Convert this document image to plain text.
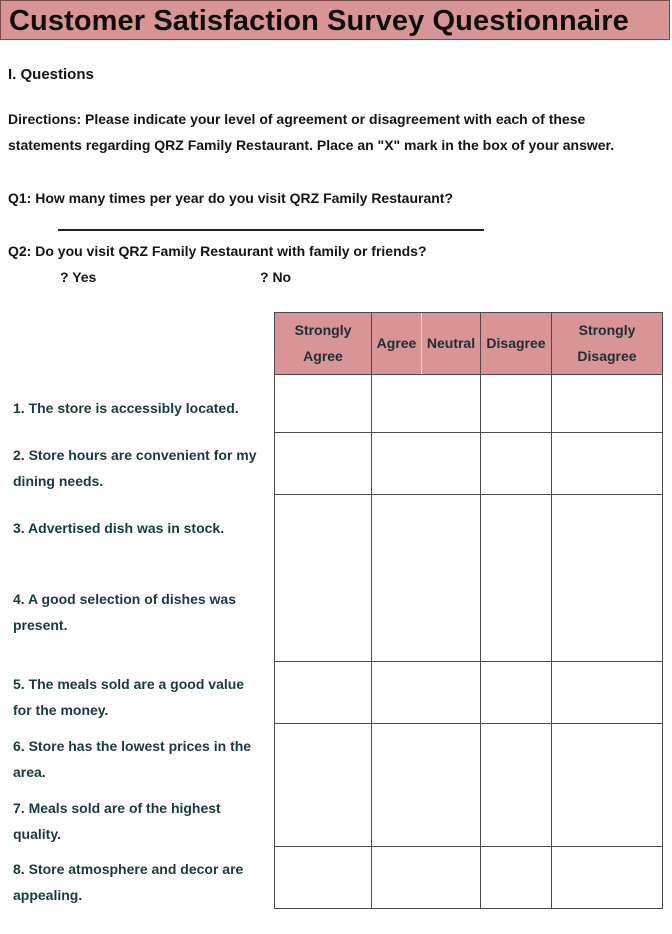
Customer Satisfaction Survey Questionnaire
I. Questions
Directions: Please indicate your level of agreement or disagreement with each of these
statements regarding QRZ Family Restaurant. Place an "X" mark in the box of your answer.
Q1: How many times per year do you visit QRZ Family Restaurant?
Q2: Do you visit QRZ Family Restaurant with family or friends?
? Yes	? No
Strongly Agree
Agree Neutral Disagree
Strongly Disagree
1. The store is accessibly located.
2. Store hours are convenient for my dining needs.
3. Advertised dish was in stock.
4. A good selection of dishes was present.
5. The meals sold are a good value for the money.
6. Store has the lowest prices in the area.
7. Meals sold are of the highest quality.
8. Store atmosphere and decor are appealing.
